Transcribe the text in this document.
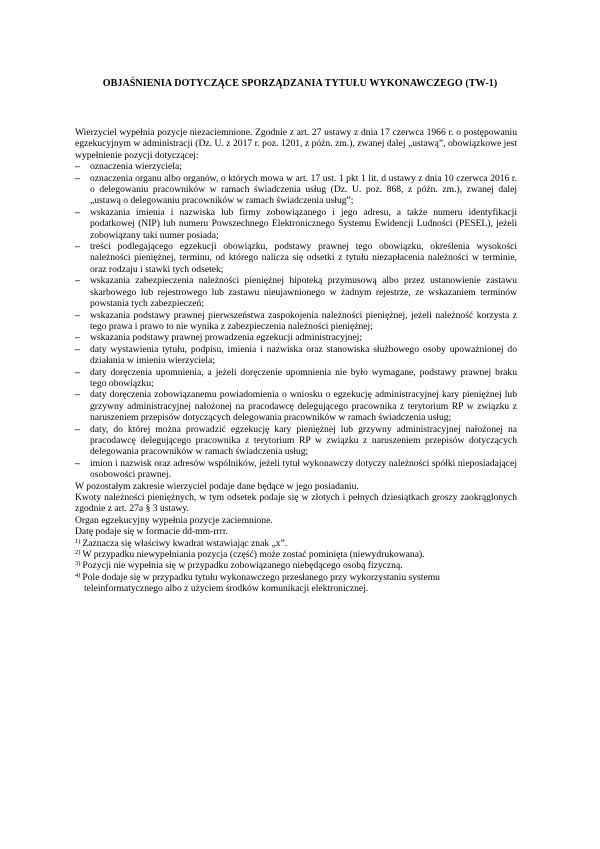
OBJAŚNIENIA DOTYCZĄCE SPORZĄDZANIA TYTUŁU WYKONAWCZEGO (TW-1)

Wierzyciel wypełnia pozycje niezaciemnione. Zgodnie z art. 27 ustawy z dnia 17 czerwca 1966 r. o postępowaniu egzekucyjnym w administracji (Dz. U. z 2017 r. poz. 1201, z późn. zm.), zwanej dalej „ustawą”, obowiązkowe jest wypełnienie pozycji dotyczącej:

– oznaczenia wierzyciela;
– oznaczenia organu albo organów, o których mowa w art. 17 ust. 1 pkt 1 lit. d ustawy z dnia 10 czerwca 2016 r. o delegowaniu pracowników w ramach świadczenia usług (Dz. U. poz. 868, z późn. zm.), zwanej dalej „ustawą o delegowaniu pracowników w ramach świadczenia usług”;
– wskazania imienia i nazwiska lub firmy zobowiązanego i jego adresu, a także numeru identyfikacji podatkowej (NIP) lub numeru Powszechnego Elektronicznego Systemu Ewidencji Ludności (PESEL), jeżeli zobowiązany taki numer posiada;
– treści podlegającego egzekucji obowiązku, podstawy prawnej tego obowiązku, określenia wysokości należności pieniężnej, terminu, od którego nalicza się odsetki z tytułu niezapłacenia należności w terminie, oraz rodzaju i stawki tych odsetek;
– wskazania zabezpieczenia należności pieniężnej hipoteką przymusową albo przez ustanowienie zastawu skarbowego lub rejestrowego lub zastawu nieujawnionego w żadnym rejestrze, ze wskazaniem terminów powstania tych zabezpieczeń;
– wskazania podstawy prawnej pierwszeństwa zaspokojenia należności pieniężnej, jeżeli należność korzysta z tego prawa i prawo to nie wynika z zabezpieczenia należności pieniężnej;
– wskazania podstawy prawnej prowadzenia egzekucji administracyjnej;
– daty wystawienia tytułu, podpisu, imienia i nazwiska oraz stanowiska służbowego osoby upoważnionej do działania w imieniu wierzyciela;
– daty doręczenia upomnienia, a jeżeli doręczenie upomnienia nie było wymagane, podstawy prawnej braku tego obowiązku;
– daty doręczenia zobowiązanemu powiadomienia o wniosku o egzekucję administracyjnej kary pieniężnej lub grzywny administracyjnej nałożonej na pracodawcę delegującego pracownika z terytorium RP w związku z naruszeniem przepisów dotyczących delegowania pracowników w ramach świadczenia usług;
– daty, do której można prowadzić egzekucję kary pieniężnej lub grzywny administracyjnej nałożonej na pracodawcę delegującego pracownika z terytorium RP w związku z naruszeniem przepisów dotyczących delegowania pracowników w ramach świadczenia usług;
– imion i nazwisk oraz adresów wspólników, jeżeli tytuł wykonawczy dotyczy należności spółki nieposiadającej osobowości prawnej.

W pozostałym zakresie wierzyciel podaje dane będące w jego posiadaniu.

Kwoty należności pieniężnych, w tym odsetek podaje się w złotych i pełnych dziesiątkach groszy zaokrąglonych zgodnie z art. 27a § 3 ustawy.

Organ egzekucyjny wypełnia pozycje zaciemnione.

Datę podaje się w formacie dd-mm-rrrr.

$^{1)}$ Zaznacza się właściwy kwadrat wstawiając znak „x”.

$^{2)}$ W przypadku niewypełniania pozycja (część) może zostać pominięta (niewydrukowana).

$^{3)}$ Pozycji nie wypełnia się w przypadku zobowiązanego niebędącego osobą fizyczną.

$^{4)}$ Pole dodaje się w przypadku tytułu wykonawczego przesłanego przy wykorzystaniu systemu

teleinformatycznego albo z użyciem środków komunikacji elektronicznej.
